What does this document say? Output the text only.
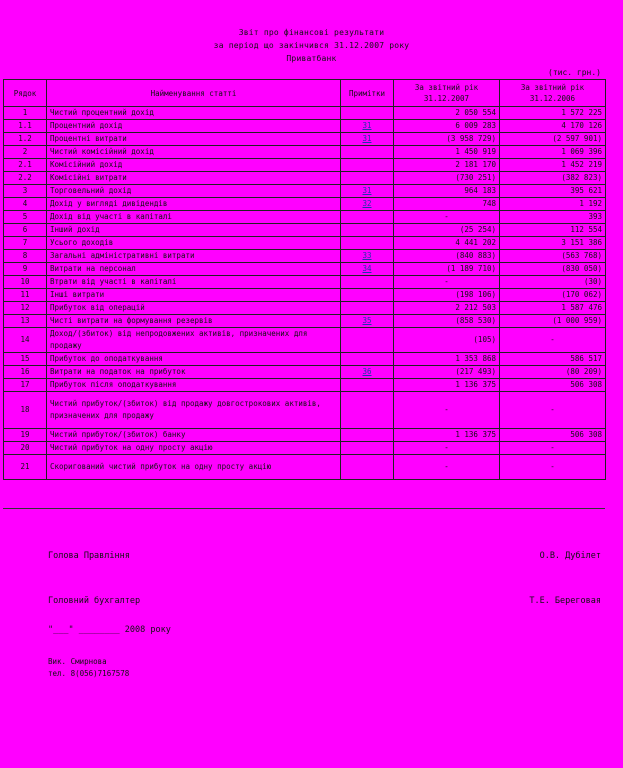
Звіт про фінансові результати
за період що закінчився 31.12.2007 року
Приватбанк
(тис. грн.)
Рядок	Найменування статті	Примітки	За звітний рік 31.12.2007	За звітний рік 31.12.2006
1	Чистий процентний дохід		2 050 554	1 572 225
1.1	Процентний дохід	31	6 009 283	4 170 126
1.2	Процентні витрати	31	(3 958 729)	(2 597 901)
2	Чистий комісійний дохід		1 450 919	1 069 396
2.1	Комісійний дохід		2 181 170	1 452 219
2.2	Комісійні витрати		(730 251)	(382 823)
3	Торговельний дохід	31	964 183	395 621
4	Дохід у вигляді дивідендів	32	748	1 192
5	Дохід від участі в капіталі		-	393
6	Інший дохід		(25 254)	112 554
7	Усього доходів		4 441 202	3 151 386
8	Загальні адміністративні витрати	33	(840 883)	(563 768)
9	Витрати на персонал	34	(1 189 710)	(830 050)
10	Втрати від участі в капіталі		-	(30)
11	Інші витрати		(198 106)	(170 062)
12	Прибуток від операцій		2 212 503	1 587 476
13	Чисті витрати на формування резервів	35	(858 530)	(1 000 959)
14	Доход/(збиток) від непродовжених активів, призначених для продажу		(105)	-
15	Прибуток до оподаткування		1 353 868	586 517
16	Витрати на податок на прибуток	36	(217 493)	(80 209)
17	Прибуток після оподаткування		1 136 375	506 308
18	Чистий прибуток/(збиток) від продажу довгострокових активів, призначених для продажу		-	-
19	Чистий прибуток/(збиток) банку		1 136 375	506 308
20	Чистий прибуток на одну просту акцію		-	-
21	Скоригований чистий прибуток на одну просту акцію		-	-
Голова Правління	О.В. Дубілет
Головний бухгалтер	Т.Е. Береговая
"___" ________ 2008 року
Вик. Смирнова
тел. 8(056)7167578
